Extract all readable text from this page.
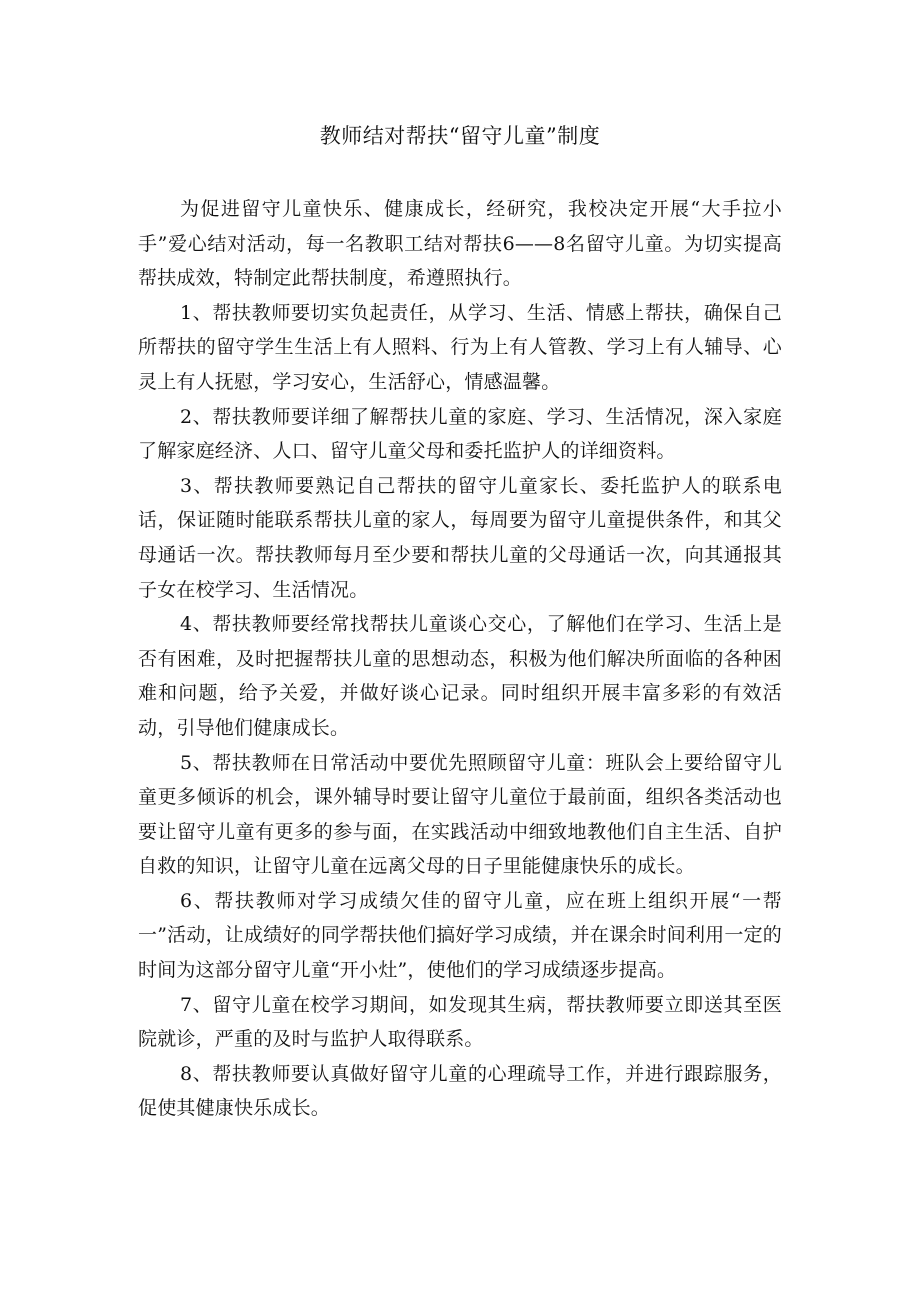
教师结对帮扶“留守儿童”制度

为促进留守儿童快乐、健康成长，经研究，我校决定开展“大手拉小手”爱心结对活动，每一名教职工结对帮扶6——8名留守儿童。为切实提高帮扶成效，特制定此帮扶制度，希遵照执行。

1、帮扶教师要切实负起责任，从学习、生活、情感上帮扶，确保自己所帮扶的留守学生生活上有人照料、行为上有人管教、学习上有人辅导、心灵上有人抚慰，学习安心，生活舒心，情感温馨。

2、帮扶教师要详细了解帮扶儿童的家庭、学习、生活情况，深入家庭了解家庭经济、人口、留守儿童父母和委托监护人的详细资料。

3、帮扶教师要熟记自己帮扶的留守儿童家长、委托监护人的联系电话，保证随时能联系帮扶儿童的家人，每周要为留守儿童提供条件，和其父母通话一次。帮扶教师每月至少要和帮扶儿童的父母通话一次，向其通报其子女在校学习、生活情况。

4、帮扶教师要经常找帮扶儿童谈心交心，了解他们在学习、生活上是否有困难，及时把握帮扶儿童的思想动态，积极为他们解决所面临的各种困难和问题，给予关爱，并做好谈心记录。同时组织开展丰富多彩的有效活动，引导他们健康成长。

5、帮扶教师在日常活动中要优先照顾留守儿童：班队会上要给留守儿童更多倾诉的机会，课外辅导时要让留守儿童位于最前面，组织各类活动也要让留守儿童有更多的参与面，在实践活动中细致地教他们自主生活、自护自救的知识，让留守儿童在远离父母的日子里能健康快乐的成长。

6、帮扶教师对学习成绩欠佳的留守儿童，应在班上组织开展“一帮一”活动，让成绩好的同学帮扶他们搞好学习成绩，并在课余时间利用一定的时间为这部分留守儿童“开小灶”，使他们的学习成绩逐步提高。

7、留守儿童在校学习期间，如发现其生病，帮扶教师要立即送其至医院就诊，严重的及时与监护人取得联系。

8、帮扶教师要认真做好留守儿童的心理疏导工作，并进行跟踪服务，促使其健康快乐成长。
